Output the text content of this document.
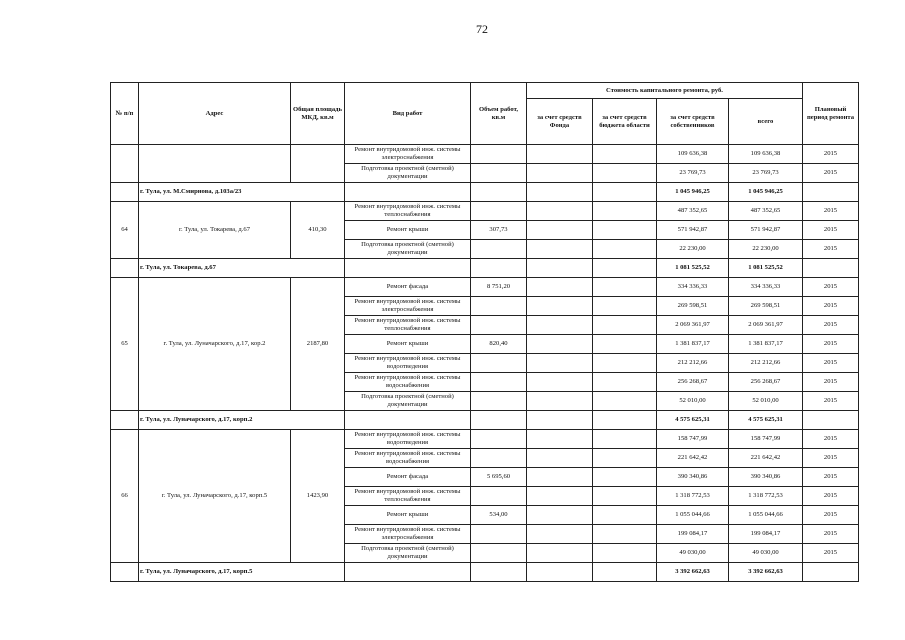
72
№ п/п	Адрес	Общая площадь МКД, кв.м	Вид работ	Объем работ, кв.м	Стоимость капитального ремонта, руб.				Плановый период ремонта
					за счет средств Фонда	за счет средств бюджета области	за счет средств собственников	всего	
			Ремонт внутридомовой инж. системы электроснабжения				109 636,38	109 636,38	2015
			Подготовка проектной (сметной) документации				23 769,73	23 769,73	2015
	г. Тула, ул. М.Смирнова, д.103а/23						1 045 946,25	1 045 946,25	
64	г. Тула, ул. Токарева, д.67	410,30	Ремонт внутридомовой инж. системы теплоснабжения				487 352,65	487 352,65	2015
			Ремонт крыши	307,73			571 942,87	571 942,87	2015
			Подготовка проектной (сметной) документации				22 230,00	22 230,00	2015
	г. Тула, ул. Токарева, д.67						1 081 525,52	1 081 525,52	
65	г. Тула, ул. Луначарского, д.17, кор.2	2187,80	Ремонт фасада	8 751,20			334 336,33	334 336,33	2015
			Ремонт внутридомовой инж. системы электроснабжения				269 598,51	269 598,51	2015
			Ремонт внутридомовой инж. системы теплоснабжения				2 069 361,97	2 069 361,97	2015
			Ремонт крыши	820,40			1 381 837,17	1 381 837,17	2015
			Ремонт внутридомовой инж. системы водоотведения				212 212,66	212 212,66	2015
			Ремонт внутридомовой инж. системы водоснабжения				256 268,67	256 268,67	2015
			Подготовка проектной (сметной) документации				52 010,00	52 010,00	2015
	г. Тула, ул. Луначарского, д.17, корп.2						4 575 625,31	4 575 625,31	
66	г. Тула, ул. Луначарского, д.17, корп.5	1423,90	Ремонт внутридомовой инж. системы водоотведения				158 747,99	158 747,99	2015
			Ремонт внутридомовой инж. системы водоснабжения				221 642,42	221 642,42	2015
			Ремонт фасада	5 695,60			390 340,86	390 340,86	2015
			Ремонт внутридомовой инж. системы теплоснабжения				1 318 772,53	1 318 772,53	2015
			Ремонт крыши	534,00			1 055 044,66	1 055 044,66	2015
			Ремонт внутридомовой инж. системы электроснабжения				199 084,17	199 084,17	2015
			Подготовка проектной (сметной) документации				49 030,00	49 030,00	2015
	г. Тула, ул. Луначарского, д.17, корп.5						3 392 662,63	3 392 662,63	
